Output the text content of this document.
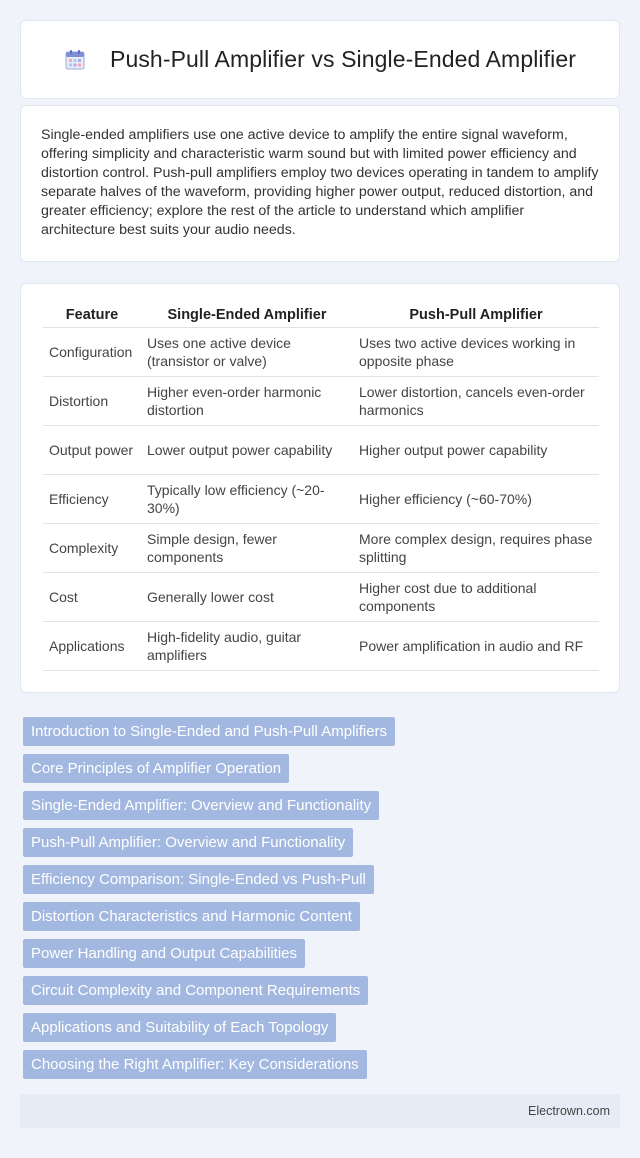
Push-Pull Amplifier vs Single-Ended Amplifier

Single-ended amplifiers use one active device to amplify the entire signal waveform, offering simplicity and characteristic warm sound but with limited power efficiency and distortion control. Push-pull amplifiers employ two devices operating in tandem to amplify separate halves of the waveform, providing higher power output, reduced distortion, and greater efficiency; explore the rest of the article to understand which amplifier architecture best suits your audio needs.

Feature	Single-Ended Amplifier	Push-Pull Amplifier
Configuration	Uses one active device (transistor or valve)	Uses two active devices working in opposite phase
Distortion	Higher even-order harmonic distortion	Lower distortion, cancels even-order harmonics
Output power	Lower output power capability	Higher output power capability
Efficiency	Typically low efficiency (~20-30%)	Higher efficiency (~60-70%)
Complexity	Simple design, fewer components	More complex design, requires phase splitting
Cost	Generally lower cost	Higher cost due to additional components
Applications	High-fidelity audio, guitar amplifiers	Power amplification in audio and RF
Introduction to Single-Ended and Push-Pull Amplifiers
Core Principles of Amplifier Operation
Single-Ended Amplifier: Overview and Functionality
Push-Pull Amplifier: Overview and Functionality
Efficiency Comparison: Single-Ended vs Push-Pull
Distortion Characteristics and Harmonic Content
Power Handling and Output Capabilities
Circuit Complexity and Component Requirements
Applications and Suitability of Each Topology
Choosing the Right Amplifier: Key Considerations
Electrown.com
